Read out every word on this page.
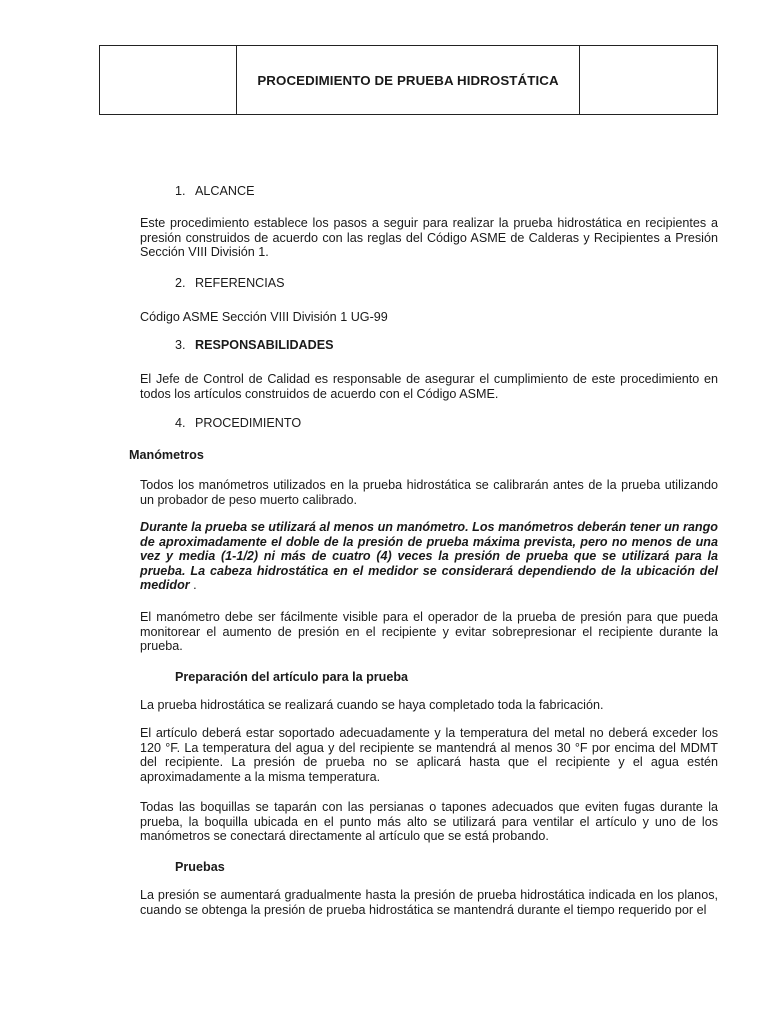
	PROCEDIMIENTO DE PRUEBA HIDROSTÁTICA	
1. ALCANCE
Este procedimiento establece los pasos a seguir para realizar la prueba hidrostática en recipientes a presión construidos de acuerdo con las reglas del Código ASME de Calderas y Recipientes a Presión Sección VIII División 1.
2. REFERENCIAS
Código ASME Sección VIII División 1 UG-99
3. RESPONSABILIDADES
El Jefe de Control de Calidad es responsable de asegurar el cumplimiento de este procedimiento en todos los artículos construidos de acuerdo con el Código ASME.
4. PROCEDIMIENTO
Manómetros
Todos los manómetros utilizados en la prueba hidrostática se calibrarán antes de la prueba utilizando un probador de peso muerto calibrado.
Durante la prueba se utilizará al menos un manómetro. Los manómetros deberán tener un rango de aproximadamente el doble de la presión de prueba máxima prevista, pero no menos de una vez y media (1-1/2) ni más de cuatro (4) veces la presión de prueba que se utilizará para la prueba. La cabeza hidrostática en el medidor se considerará dependiendo de la ubicación del medidor .
El manómetro debe ser fácilmente visible para el operador de la prueba de presión para que pueda monitorear el aumento de presión en el recipiente y evitar sobrepresionar el recipiente durante la prueba.
Preparación del artículo para la prueba
La prueba hidrostática se realizará cuando se haya completado toda la fabricación.
El artículo deberá estar soportado adecuadamente y la temperatura del metal no deberá exceder los 120 °F. La temperatura del agua y del recipiente se mantendrá al menos 30 °F por encima del MDMT del recipiente. La presión de prueba no se aplicará hasta que el recipiente y el agua estén aproximadamente a la misma temperatura.
Todas las boquillas se taparán con las persianas o tapones adecuados que eviten fugas durante la prueba, la boquilla ubicada en el punto más alto se utilizará para ventilar el artículo y uno de los manómetros se conectará directamente al artículo que se está probando.
Pruebas
La presión se aumentará gradualmente hasta la presión de prueba hidrostática indicada en los planos, cuando se obtenga la presión de prueba hidrostática se mantendrá durante el tiempo requerido por el
